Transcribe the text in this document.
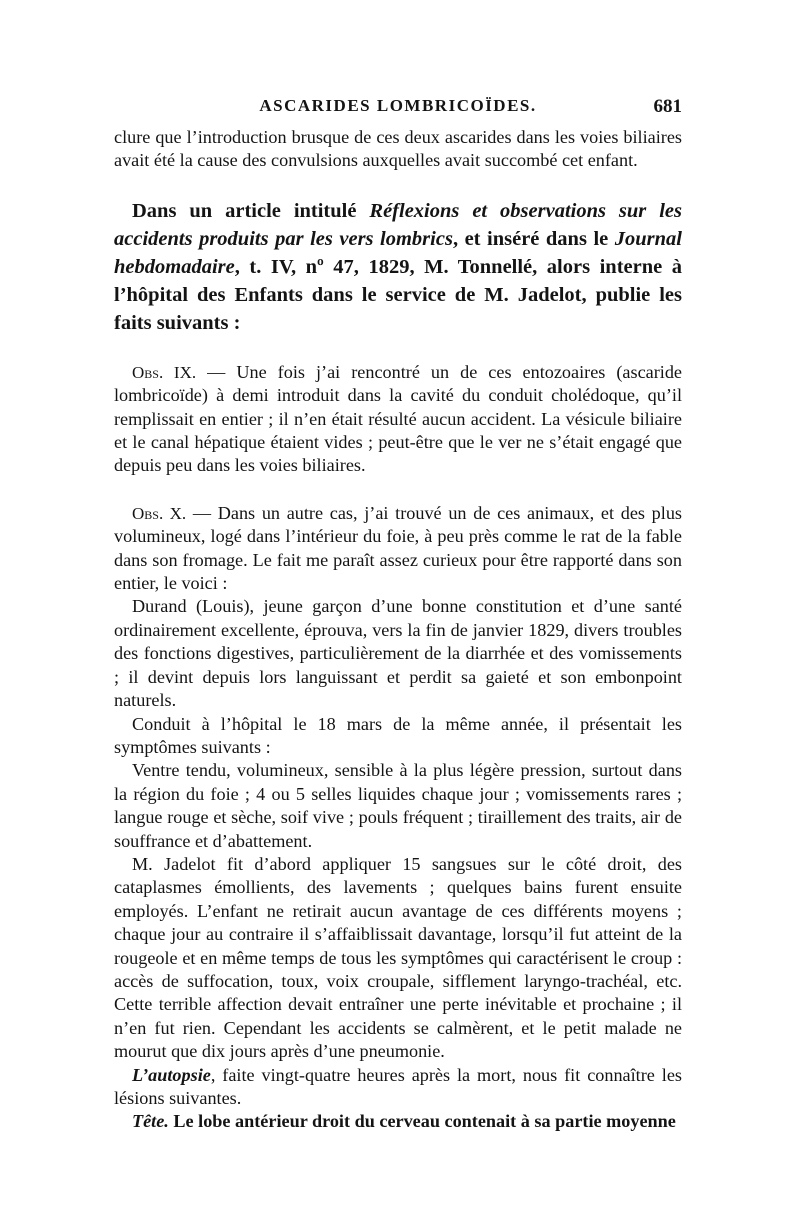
ASCARIDES LOMBRICOÏDES.	681

clure que l’introduction brusque de ces deux ascarides dans les voies biliaires avait été la cause des convulsions auxquelles avait succombé cet enfant.

Dans un article intitulé Réflexions et observations sur les accidents produits par les vers lombrics, et inséré dans le Journal hebdomadaire, t. IV, nº 47, 1829, M. Tonnellé, alors interne à l’hôpital des Enfants dans le service de M. Jadelot, publie les faits suivants :

Obs. IX. — Une fois j’ai rencontré un de ces entozoaires (ascaride lombricoïde) à demi introduit dans la cavité du conduit cholédoque, qu’il remplissait en entier ; il n’en était résulté aucun accident. La vésicule biliaire et le canal hépatique étaient vides ; peut-être que le ver ne s’était engagé que depuis peu dans les voies biliaires.

Obs. X. — Dans un autre cas, j’ai trouvé un de ces animaux, et des plus volumineux, logé dans l’intérieur du foie, à peu près comme le rat de la fable dans son fromage. Le fait me paraît assez curieux pour être rapporté dans son entier, le voici :

Durand (Louis), jeune garçon d’une bonne constitution et d’une santé ordinairement excellente, éprouva, vers la fin de janvier 1829, divers troubles des fonctions digestives, particulièrement de la diarrhée et des vomissements ; il devint depuis lors languissant et perdit sa gaieté et son embonpoint naturels.

Conduit à l’hôpital le 18 mars de la même année, il présentait les symptômes suivants :

Ventre tendu, volumineux, sensible à la plus légère pression, surtout dans la région du foie ; 4 ou 5 selles liquides chaque jour ; vomissements rares ; langue rouge et sèche, soif vive ; pouls fréquent ; tiraillement des traits, air de souffrance et d’abattement.

M. Jadelot fit d’abord appliquer 15 sangsues sur le côté droit, des cataplasmes émollients, des lavements ; quelques bains furent ensuite employés. L’enfant ne retirait aucun avantage de ces différents moyens ; chaque jour au contraire il s’affaiblissait davantage, lorsqu’il fut atteint de la rougeole et en même temps de tous les symptômes qui caractérisent le croup : accès de suffocation, toux, voix croupale, sifflement laryngo-trachéal, etc. Cette terrible affection devait entraîner une perte inévitable et prochaine ; il n’en fut rien. Cependant les accidents se calmèrent, et le petit malade ne mourut que dix jours après d’une pneumonie.

L’autopsie, faite vingt-quatre heures après la mort, nous fit connaître les lésions suivantes.

Tête. Le lobe antérieur droit du cerveau contenait à sa partie moyenne
